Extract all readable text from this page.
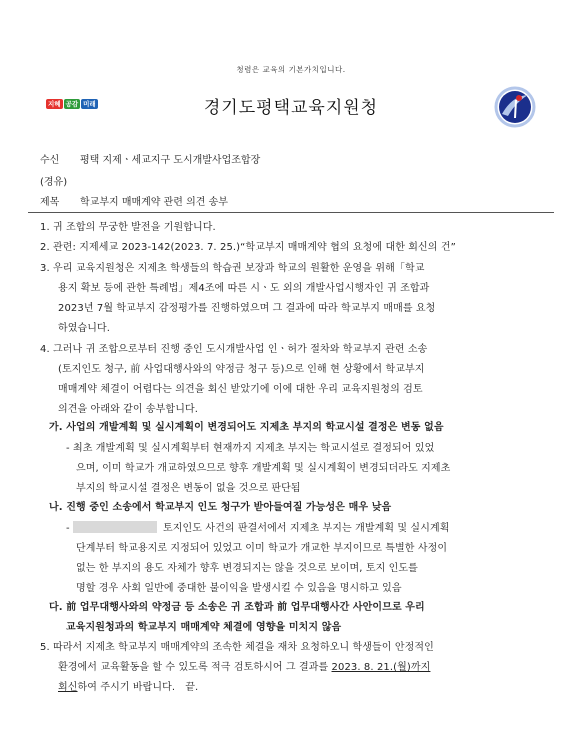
청렴은 교육의 기본가치입니다.
지혜 공감 미래	경기도평택교육지원청
수신 평택 지제ㆍ세교지구 도시개발사업조합장
(경유)
제목 학교부지 매매계약 관련 의견 송부
1. 귀 조합의 무궁한 발전을 기원합니다.
2. 관련: 지제세교 2023-142(2023. 7. 25.)“학교부지 매매계약 협의 요청에 대한 회신의 건”
3. 우리 교육지원청은 지제초 학생들의 학습권 보장과 학교의 원활한 운영을 위해「학교
용지 확보 등에 관한 특례법」제4조에 따른 시ㆍ도 외의 개발사업시행자인 귀 조합과
2023년 7월 학교부지 감정평가를 진행하였으며 그 결과에 따라 학교부지 매매를 요청
하였습니다.
4. 그러나 귀 조합으로부터 진행 중인 도시개발사업 인ㆍ허가 절차와 학교부지 관련 소송
(토지인도 청구, 前 사업대행사와의 약정금 청구 등)으로 인해 현 상황에서 학교부지
매매계약 체결이 어렵다는 의견을 회신 받았기에 이에 대한 우리 교육지원청의 검토
의견을 아래와 같이 송부합니다.
가. 사업의 개발계획 및 실시계획이 변경되어도 지제초 부지의 학교시설 결정은 변동 없음
- 최초 개발계획 및 실시계획부터 현재까지 지제초 부지는 학교시설로 결정되어 있었
으며, 이미 학교가 개교하였으므로 향후 개발계획 및 실시계획이 변경되더라도 지제초
부지의 학교시설 결정은 변동이 없을 것으로 판단됨
나. 진행 중인 소송에서 학교부지 인도 청구가 받아들여질 가능성은 매우 낮음
-	토지인도 사건의 판결서에서 지제초 부지는 개발계획 및 실시계획
단계부터 학교용지로 지정되어 있었고 이미 학교가 개교한 부지이므로 특별한 사정이
없는 한 부지의 용도 자체가 향후 변경되지는 않을 것으로 보이며, 토지 인도를
명할 경우 사회 일반에 중대한 불이익을 발생시킬 수 있음을 명시하고 있음
다. 前 업무대행사와의 약정금 등 소송은 귀 조합과 前 업무대행사간 사안이므로 우리
교육지원청과의 학교부지 매매계약 체결에 영향을 미치지 않음
5. 따라서 지제초 학교부지 매매계약의 조속한 체결을 재차 요청하오니 학생들이 안정적인
환경에서 교육활동을 할 수 있도록 적극 검토하시어 그 결과를 2023. 8. 21.(월)까지
회신하여 주시기 바랍니다. 끝.
